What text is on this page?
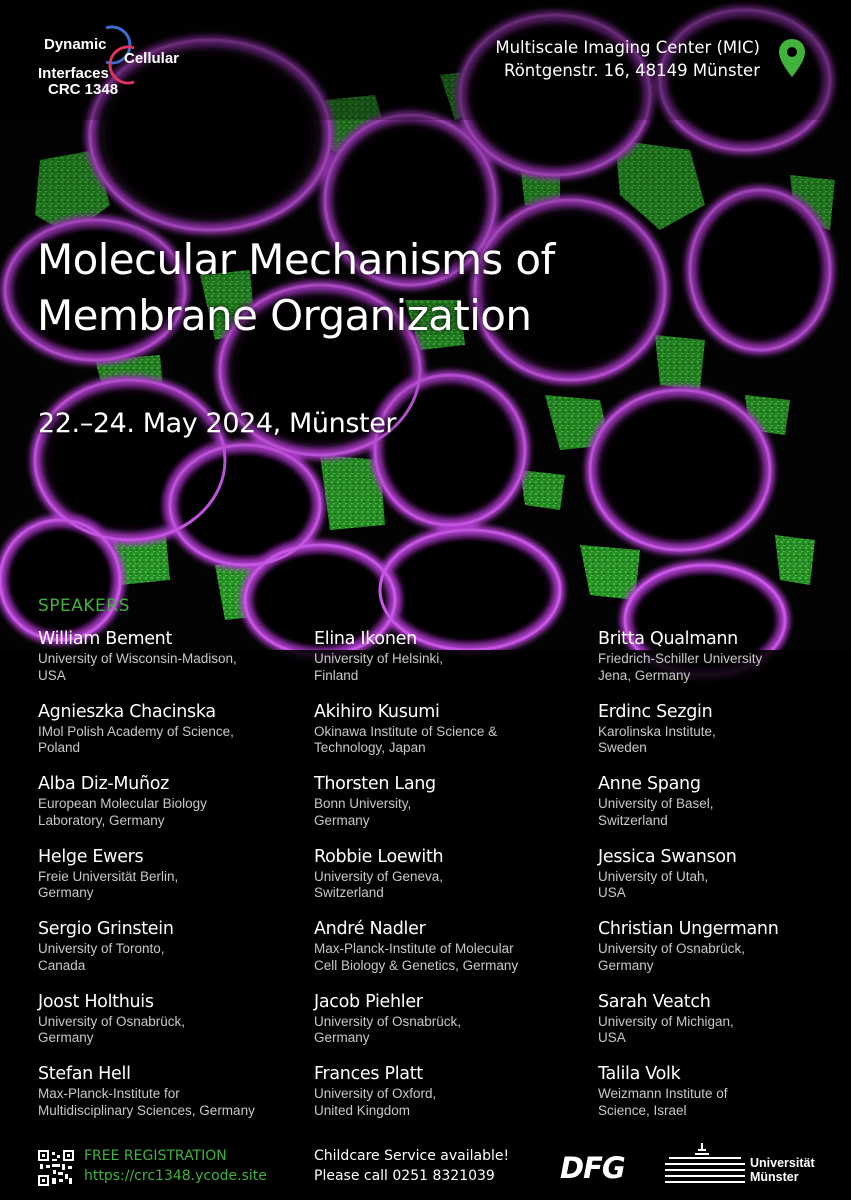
Dynamic
Cellular
Interfaces
CRC 1348
Multiscale Imaging Center (MIC)
Röntgenstr. 16, 48149 Münster
Molecular Mechanisms of
Membrane Organization
22.–24. May 2024, Münster
SPEAKERS
William Bement
University of Wisconsin-Madison,
USA
Agnieszka Chacinska
IMol Polish Academy of Science,
Poland
Alba Diz-Muñoz
European Molecular Biology
Laboratory, Germany
Helge Ewers
Freie Universität Berlin,
Germany
Sergio Grinstein
University of Toronto,
Canada
Joost Holthuis
University of Osnabrück,
Germany
Stefan Hell
Max-Planck-Institute for
Multidisciplinary Sciences, Germany
Elina Ikonen
University of Helsinki,
Finland
Akihiro Kusumi
Okinawa Institute of Science &
Technology, Japan
Thorsten Lang
Bonn University,
Germany
Robbie Loewith
University of Geneva,
Switzerland
André Nadler
Max-Planck-Institute of Molecular
Cell Biology & Genetics, Germany
Jacob Piehler
University of Osnabrück,
Germany
Frances Platt
University of Oxford,
United Kingdom
Britta Qualmann
Friedrich-Schiller University
Jena, Germany
Erdinc Sezgin
Karolinska Institute,
Sweden
Anne Spang
University of Basel,
Switzerland
Jessica Swanson
University of Utah,
USA
Christian Ungermann
University of Osnabrück,
Germany
Sarah Veatch
University of Michigan,
USA
Talila Volk
Weizmann Institute of
Science, Israel
FREE REGISTRATION
https://crc1348.ycode.site
Childcare Service available!
Please call 0251 8321039	DFG	Universität
Münster
